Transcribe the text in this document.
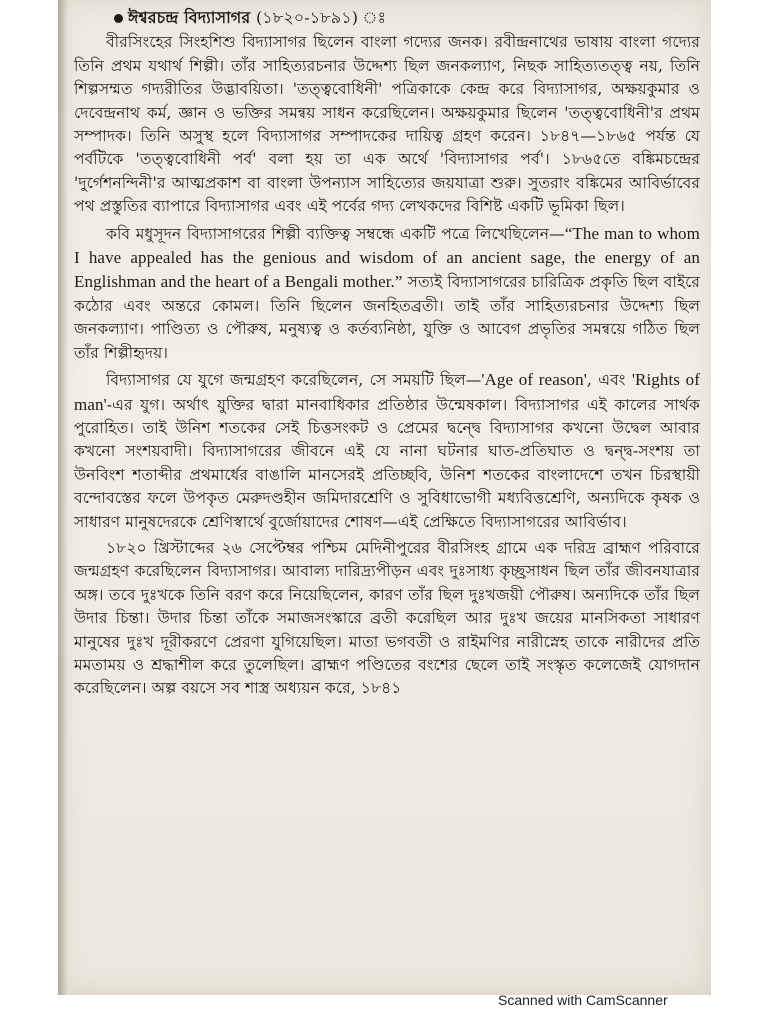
ঈশ্বরচন্দ্র বিদ্যাসাগর (১৮২০-১৮৯১) ঃ

বীরসিংহের সিংহশিশু বিদ্যাসাগর ছিলেন বাংলা গদ্যের জনক। রবীন্দ্রনাথের ভাষায় বাংলা গদ্যের তিনি প্রথম যথার্থ শিল্পী। তাঁর সাহিত্যরচনার উদ্দেশ্য ছিল জনকল্যাণ, নিছক সাহিত্যতত্ত্ব নয়, তিনি শিল্পসম্মত গদ্যরীতির উদ্ভাবয়িতা। 'তত্ত্ববোধিনী' পত্রিকাকে কেন্দ্র করে বিদ্যাসাগর, অক্ষয়কুমার ও দেবেন্দ্রনাথ কর্ম, জ্ঞান ও ভক্তির সমন্বয় সাধন করেছিলেন। অক্ষয়কুমার ছিলেন 'তত্ত্ববোধিনী'র প্রথম সম্পাদক। তিনি অসুস্থ হলে বিদ্যাসাগর সম্পাদকের দায়িত্ব গ্রহণ করেন। ১৮৪৭—১৮৬৫ পর্যন্ত যে পর্বটিকে 'তত্ত্ববোধিনী পর্ব' বলা হয় তা এক অর্থে 'বিদ্যাসাগর পর্ব'। ১৮৬৫তে বঙ্কিমচন্দ্রের 'দুর্গেশনন্দিনী'র আত্মপ্রকাশ বা বাংলা উপন্যাস সাহিত্যের জয়যাত্রা শুরু। সুতরাং বঙ্কিমের আবির্ভাবের পথ প্রস্তুতির ব্যাপারে বিদ্যাসাগর এবং এই পর্বের গদ্য লেখকদের বিশিষ্ট একটি ভূমিকা ছিল।

কবি মধুসূদন বিদ্যাসাগরের শিল্পী ব্যক্তিত্ব সম্বন্ধে একটি পত্রে লিখেছিলেন—“The man to whom I have appealed has the genious and wisdom of an ancient sage, the energy of an Englishman and the heart of a Bengali mother.” সত্যই বিদ্যাসাগরের চারিত্রিক প্রকৃতি ছিল বাইরে কঠোর এবং অন্তরে কোমল। তিনি ছিলেন জনহিতব্রতী। তাই তাঁর সাহিত্যরচনার উদ্দেশ্য ছিল জনকল্যাণ। পাণ্ডিত্য ও পৌরুষ, মনুষ্যত্ব ও কর্তব্যনিষ্ঠা, যুক্তি ও আবেগ প্রভৃতির সমন্বয়ে গঠিত ছিল তাঁর শিল্পীহৃদয়।

বিদ্যাসাগর যে যুগে জন্মগ্রহণ করেছিলেন, সে সময়টি ছিল—'Age of reason', এবং 'Rights of man'-এর যুগ। অর্থাৎ যুক্তির দ্বারা মানবাধিকার প্রতিষ্ঠার উন্মেষকাল। বিদ্যাসাগর এই কালের সার্থক পুরোহিত। তাই উনিশ শতকের সেই চিত্তসংকট ও প্রেমের দ্বন্দ্বে বিদ্যাসাগর কখনো উদ্বেল আবার কখনো সংশয়বাদী। বিদ্যাসাগরের জীবনে এই যে নানা ঘটনার ঘাত-প্রতিঘাত ও দ্বন্দ্ব-সংশয় তা উনবিংশ শতাব্দীর প্রথমার্ধের বাঙালি মানসেরই প্রতিচ্ছবি, উনিশ শতকের বাংলাদেশে তখন চিরস্থায়ী বন্দোবস্তের ফলে উপকৃত মেরুদণ্ডহীন জমিদারশ্রেণি ও সুবিধাভোগী মধ্যবিত্তশ্রেণি, অন্যদিকে কৃষক ও সাধারণ মানুষদেরকে শ্রেণিস্বার্থে বুর্জোয়াদের শোষণ—এই প্রেক্ষিতে বিদ্যাসাগরের আবির্ভাব।

১৮২০ খ্রিস্টাব্দের ২৬ সেপ্টেম্বর পশ্চিম মেদিনীপুরের বীরসিংহ গ্রামে এক দরিদ্র ব্রাহ্মণ পরিবারে জন্মগ্রহণ করেছিলেন বিদ্যাসাগর। আবাল্য দারিদ্র্যপীড়ন এবং দুঃসাধ্য কৃচ্ছ্রসাধন ছিল তাঁর জীবনযাত্রার অঙ্গ। তবে দুঃখকে তিনি বরণ করে নিয়েছিলেন, কারণ তাঁর ছিল দুঃখজয়ী পৌরুষ। অন্যদিকে তাঁর ছিল উদার চিন্তা। উদার চিন্তা তাঁকে সমাজসংস্কারে ব্রতী করেছিল আর দুঃখ জয়ের মানসিকতা সাধারণ মানুষের দুঃখ দূরীকরণে প্রেরণা যুগিয়েছিল। মাতা ভগবতী ও রাইমণির নারীস্নেহ তাকে নারীদের প্রতি মমতাময় ও শ্রদ্ধাশীল করে তুলেছিল। ব্রাহ্মণ পণ্ডিতের বংশের ছেলে তাই সংস্কৃত কলেজেই যোগদান করেছিলেন। অল্প বয়সে সব শাস্ত্র অধ্যয়ন করে, ১৮৪১

Scanned with CamScanner
